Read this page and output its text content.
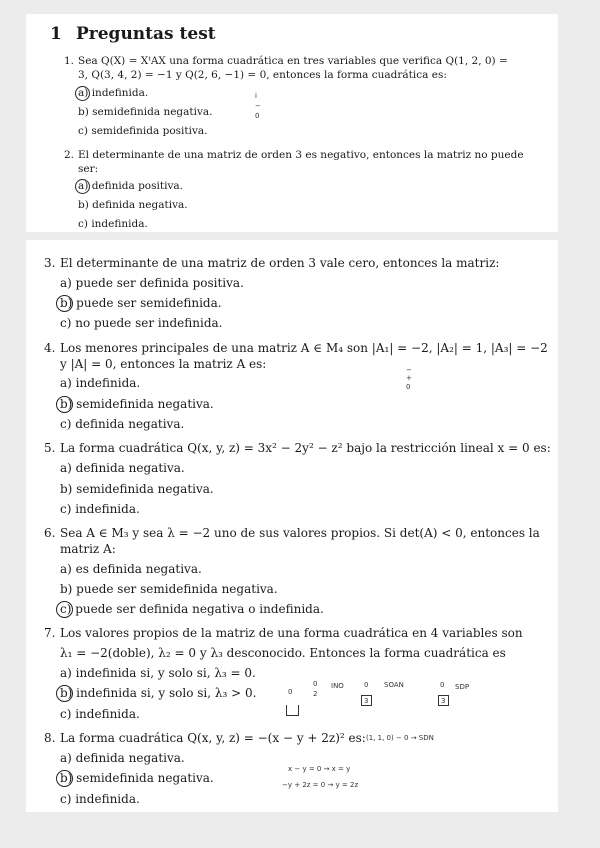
1 Preguntas test
1. Sea Q(X) = XᵗAX una forma cuadrática en tres variables que verifica Q(1, 2, 0) =
3, Q(3, 4, 2) = −1 y Q(2, 6, −1) = 0, entonces la forma cuadrática es:
a) indefinida.
b) semidefinida negativa.
c) semidefinida positiva.
i
−
0
2. El determinante de una matriz de orden 3 es negativo, entonces la matriz no puede
ser:
a) definida positiva.
b) definida negativa.
c) indefinida.
3. El determinante de una matriz de orden 3 vale cero, entonces la matriz:
a) puede ser definida positiva.
b) puede ser semidefinida.
c) no puede ser indefinida.
4. Los menores principales de una matriz A ∈ M₄ son |A₁| = −2, |A₂| = 1, |A₃| = −2
y |A| = 0, entonces la matriz A es:
a) indefinida.
b) semidefinida negativa.
c) definida negativa.
−
+
0
5. La forma cuadrática Q(x, y, z) = 3x² − 2y² − z² bajo la restricción lineal x = 0 es:
a) definida negativa.
b) semidefinida negativa.
c) indefinida.
6. Sea A ∈ M₃ y sea λ = −2 uno de sus valores propios. Si det(A) < 0, entonces la
matriz A:
a) es definida negativa.
b) puede ser semidefinida negativa.
c) puede ser definida negativa o indefinida.
7. Los valores propios de la matriz de una forma cuadrática en 4 variables son
λ₁ = −2(doble), λ₂ = 0 y λ₃ desconocido. Entonces la forma cuadrática es
a) indefinida si, y solo si, λ₃ = 0.
b) indefinida si, y solo si, λ₃ > 0.
c) indefinida.
0
0
2
INO	0 SOAN	0 SDP
3	3
8. La forma cuadrática Q(x, y, z) = −(x − y + 2z)² es:
a) definida negativa.
b) semidefinida negativa.
c) indefinida.
(1, 1, 0) − 0 → SDN
x − y = 0 → x = y
−y + 2z = 0 → y = 2z
